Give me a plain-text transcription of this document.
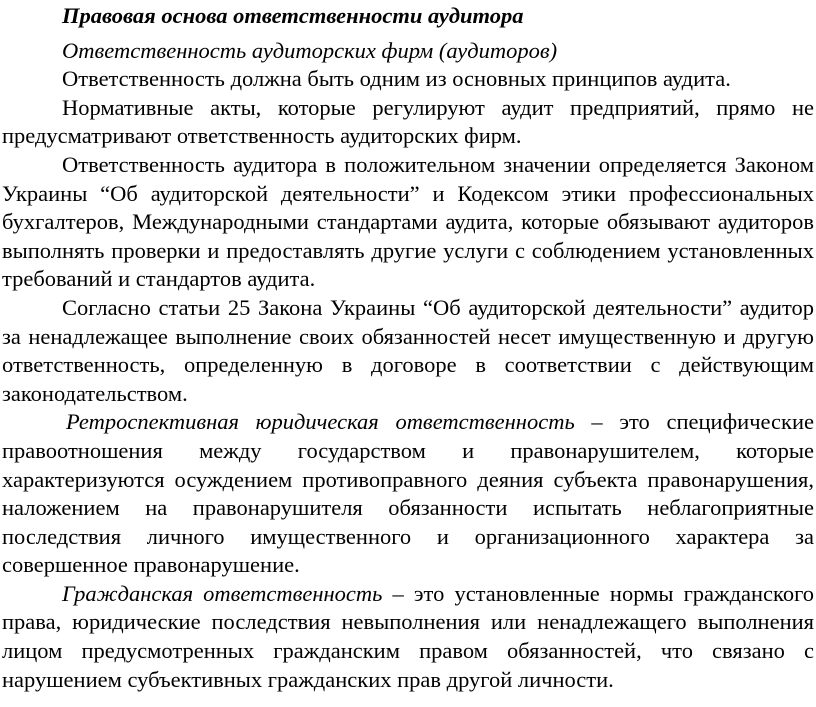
Правовая основа ответственности аудитора

Ответственность аудиторских фирм (аудиторов)

Ответственность должна быть одним из основных принципов аудита.

Нормативные акты, которые регулируют аудит предприятий, прямо не предусматривают ответственность аудиторских фирм.

Ответственность аудитора в положительном значении определяется Законом Украины “Об аудиторской деятельности” и Кодексом этики профессиональных бухгалтеров, Международными стандартами аудита, которые обязывают аудиторов выполнять проверки и предоставлять другие услуги с соблюдением установленных требований и стандартов аудита.

Согласно статьи 25 Закона Украины “Об аудиторской деятельности” аудитор за ненадлежащее выполнение своих обязанностей несет имущественную и другую ответственность, определенную в договоре в соответствии с действующим законодательством.

Ретроспективная юридическая ответственность – это специфические правоотношения между государством и правонарушителем, которые характеризуются осуждением противоправного деяния субъекта правонарушения, наложением на правонарушителя обязанности испытать неблагоприятные последствия личного имущественного и организационного характера за совершенное правонарушение.

Гражданская ответственность – это установленные нормы гражданского права, юридические последствия невыполнения или ненадлежащего выполнения лицом предусмотренных гражданским правом обязанностей, что связано с нарушением субъективных гражданских прав другой личности.
